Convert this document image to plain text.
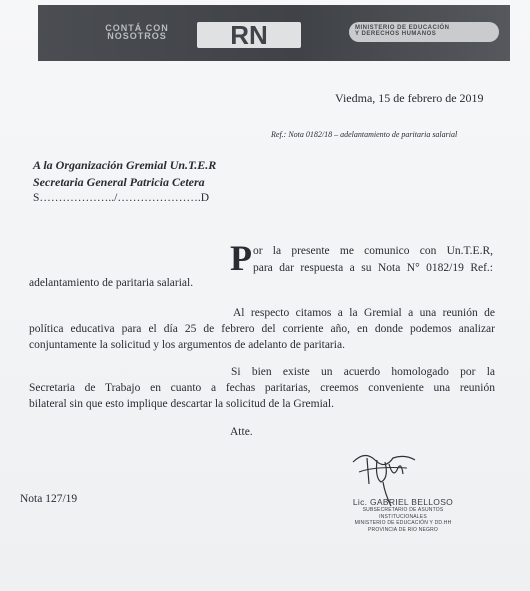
CONTÁ CON
NOSOTROS	RN	MINISTERIO DE EDUCACIÓN
Y DERECHOS HUMANOS
Viedma, 15 de febrero de 2019
Ref.: Nota 0182/18 – adelantamiento de paritaria salarial
A la Organización Gremial Un.T.E.R
Secretaria General Patricia Cetera
S………………../………………….D
P or la presente me comunico con Un.T.E.R,
para dar respuesta a su Nota N° 0182/19 Ref.:
adelantamiento de paritaria salarial.
Al respecto citamos a la Gremial a una reunión de
política educativa para el día 25 de febrero del corriente año, en donde podemos analizar
conjuntamente la solicitud y los argumentos de adelanto de paritaria.
Si bien existe un acuerdo homologado por la
Secretaria de Trabajo en cuanto a fechas paritarias, creemos conveniente una reunión
bilateral sin que esto implique descartar la solicitud de la Gremial.
Atte.
Nota 127/19	Lic. GABRIEL BELLOSO
SUBSECRETARIO DE ASUNTOS INSTITUCIONALES
MINISTERIO DE EDUCACIÓN Y DD.HH
PROVINCIA DE RIO NEGRO
